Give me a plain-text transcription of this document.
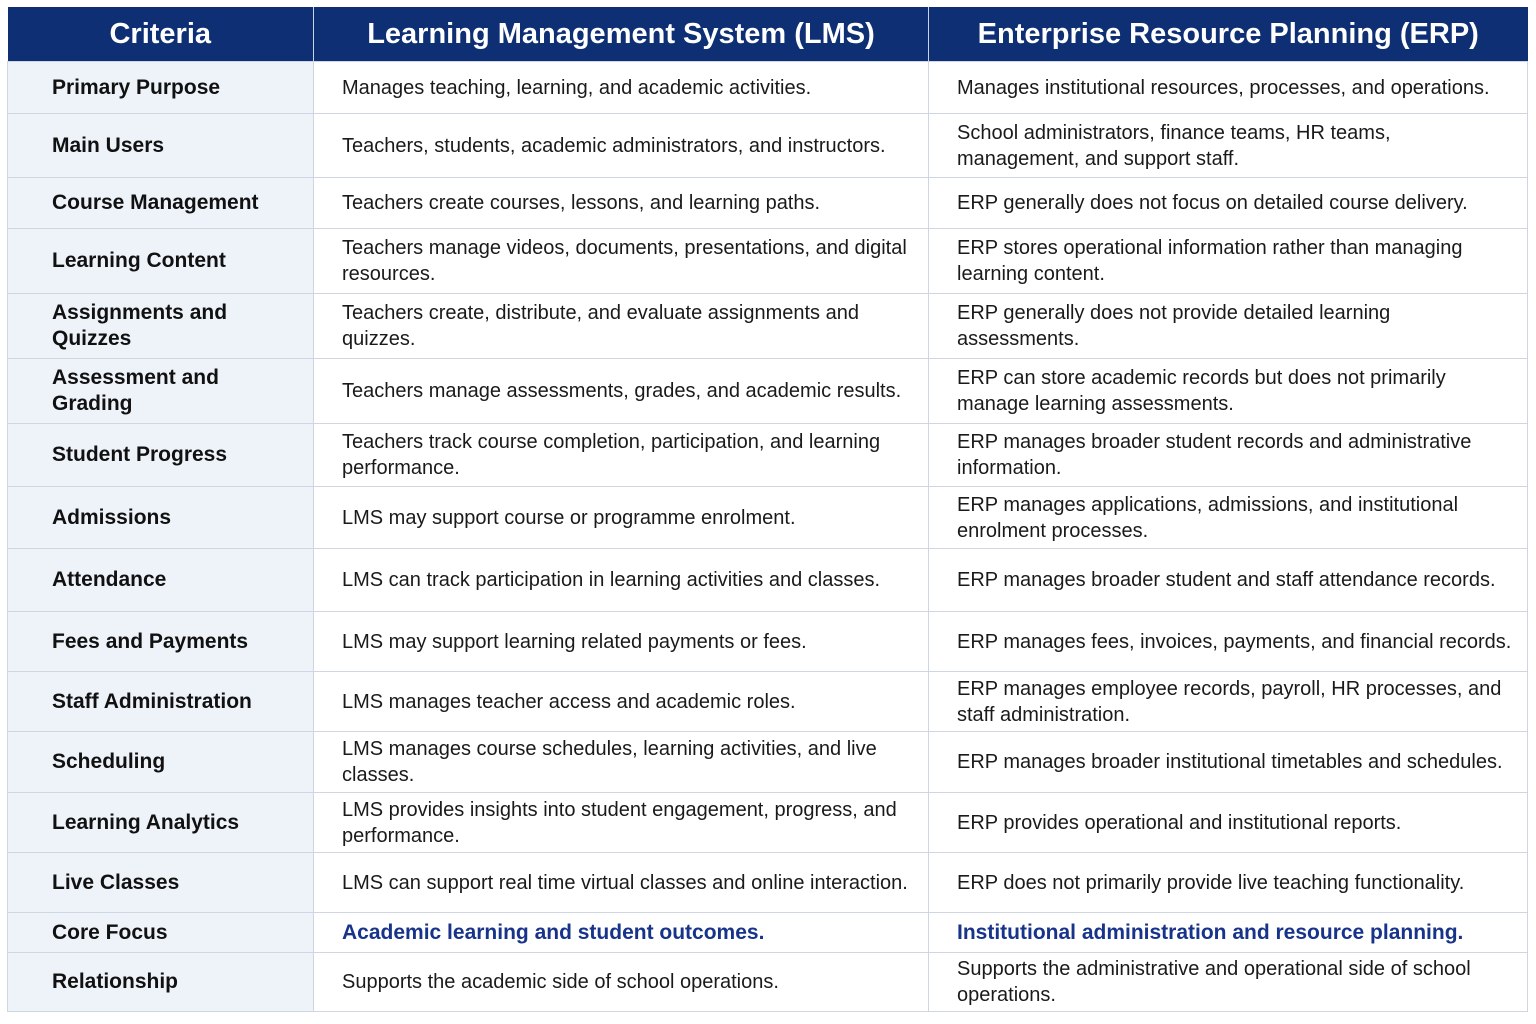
Criteria	Learning Management System (LMS)	Enterprise Resource Planning (ERP)
Primary Purpose	Manages teaching, learning, and academic activities.	Manages institutional resources, processes, and operations.
Main Users	Teachers, students, academic administrators, and instructors.	School administrators, finance teams, HR teams, management, and support staff.
Course Management	Teachers create courses, lessons, and learning paths.	ERP generally does not focus on detailed course delivery.
Learning Content	Teachers manage videos, documents, presentations, and digital resources.	ERP stores operational information rather than managing learning content.
Assignments and Quizzes	Teachers create, distribute, and evaluate assignments and quizzes.	ERP generally does not provide detailed learning assessments.
Assessment and Grading	Teachers manage assessments, grades, and academic results.	ERP can store academic records but does not primarily manage learning assessments.
Student Progress	Teachers track course completion, participation, and learning performance.	ERP manages broader student records and administrative information.
Admissions	LMS may support course or programme enrolment.	ERP manages applications, admissions, and institutional enrolment processes.
Attendance	LMS can track participation in learning activities and classes.	ERP manages broader student and staff attendance records.
Fees and Payments	LMS may support learning related payments or fees.	ERP manages fees, invoices, payments, and financial records.
Staff Administration	LMS manages teacher access and academic roles.	ERP manages employee records, payroll, HR processes, and staff administration.
Scheduling	LMS manages course schedules, learning activities, and live classes.	ERP manages broader institutional timetables and schedules.
Learning Analytics	LMS provides insights into student engagement, progress, and performance.	ERP provides operational and institutional reports.
Live Classes	LMS can support real time virtual classes and online interaction.	ERP does not primarily provide live teaching functionality.
Core Focus	Academic learning and student outcomes.	Institutional administration and resource planning.
Relationship	Supports the academic side of school operations.	Supports the administrative and operational side of school operations.
